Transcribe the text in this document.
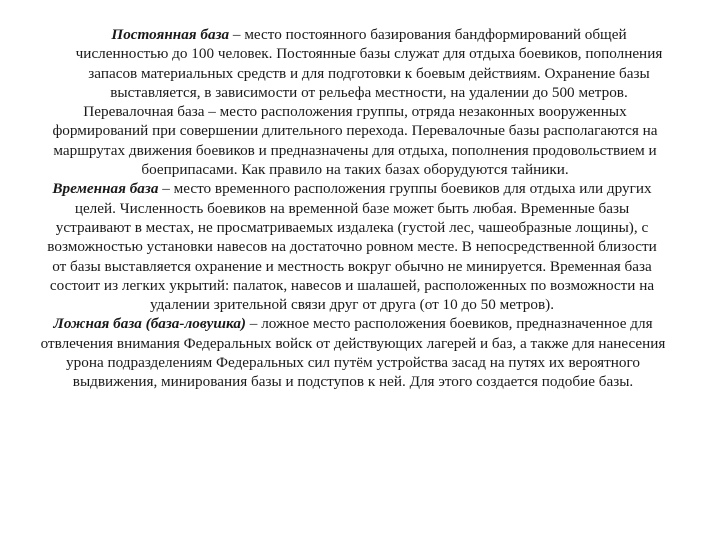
Постоянная база – место постоянного базирования бандформирований общей численностью до 100 человек. Постоянные базы служат для отдыха боевиков, пополнения запасов материальных средств и для подготовки к боевым действиям. Охранение базы выставляется, в зависимости от рельефа местности, на удалении до 500 метров.

Перевалочная база – место расположения группы, отряда незаконных вооруженных формирований при совершении длительного перехода. Перевалочные базы располагаются на маршрутах движения боевиков и предназначены для отдыха, пополнения продовольствием и боеприпасами. Как правило на таких базах оборудуются тайники.

Временная база – место временного расположения группы боевиков для отдыха или других целей. Численность боевиков на временной базе может быть любая. Временные базы устраивают в местах, не просматриваемых издалека (густой лес, чашеобразные лощины), с возможностью установки навесов на достаточно ровном месте. В непосредственной близости от базы выставляется охранение и местность вокруг обычно не минируется. Временная база состоит из легких укрытий: палаток, навесов и шалашей, расположенных по возможности на удалении зрительной связи друг от друга (от 10 до 50 метров).

Ложная база (база-ловушка) – ложное место расположения боевиков, предназначенное для отвлечения внимания Федеральных войск от действующих лагерей и баз, а также для нанесения урона подразделениям Федеральных сил путём устройства засад на путях их вероятного выдвижения, минирования базы и подступов к ней. Для этого создается подобие базы.
